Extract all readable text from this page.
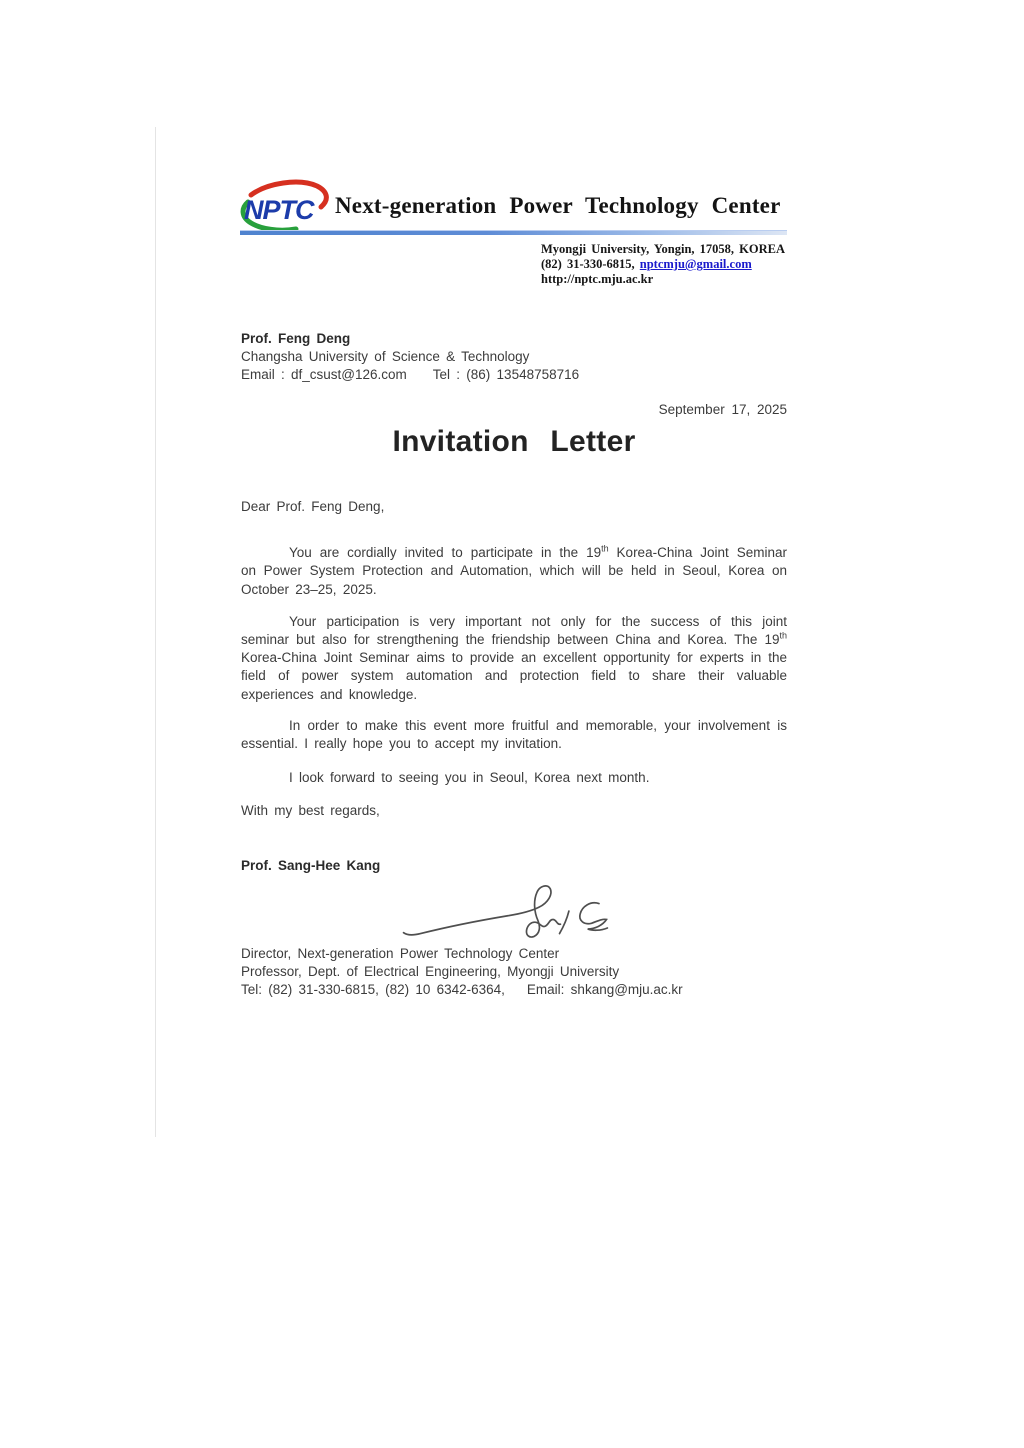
NPTC Next-generation Power Technology Center
Myongji University, Yongin, 17058, KOREA
(82) 31-330-6815, nptcmju@gmail.com
http://nptc.mju.ac.kr
Prof. Feng Deng
Changsha University of Science & Technology
Email : df_csust@126.com Tel : (86) 13548758716
September 17, 2025
Invitation Letter

Dear Prof. Feng Deng,

You are cordially invited to participate in the 19th Korea-China Joint Seminar on Power System Protection and Automation, which will be held in Seoul, Korea on October 23–25, 2025.

Your participation is very important not only for the success of this joint seminar but also for strengthening the friendship between China and Korea. The 19th Korea-China Joint Seminar aims to provide an excellent opportunity for experts in the field of power system automation and protection field to share their valuable experiences and knowledge.

In order to make this event more fruitful and memorable, your involvement is essential. I really hope you to accept my invitation.

I look forward to seeing you in Seoul, Korea next month.

With my best regards,

Prof. Sang-Hee Kang

Director, Next-generation Power Technology Center
Professor, Dept. of Electrical Engineering, Myongji University
Tel: (82) 31-330-6815, (82) 10 6342-6364, Email: shkang@mju.ac.kr
